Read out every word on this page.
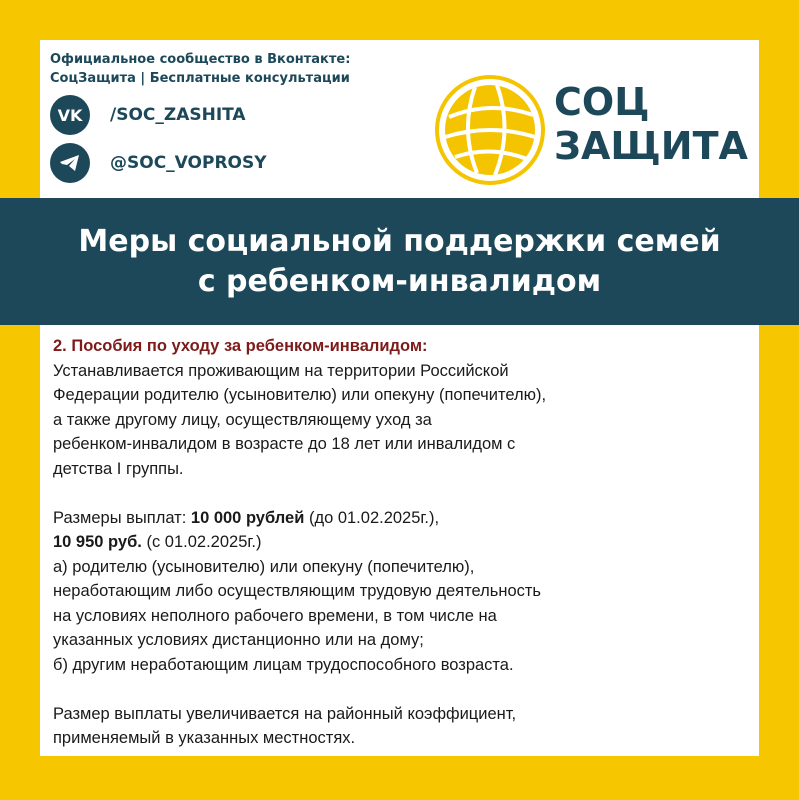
Официальное сообщество в Вконтакте:
СоцЗащита | Бесплатные консультации
VK /SOC_ZASHITA
@SOC_VOPROSY
СОЦ
ЗАЩИТА
Меры социальной поддержки семей
с ребенком-инвалидом

2. Пособия по уходу за ребенком-инвалидом:

Устанавливается проживающим на территории Российской

Федерации родителю (усыновителю) или опекуну (попечителю),

а также другому лицу, осуществляющему уход за

ребенком-инвалидом в возрасте до 18 лет или инвалидом с

детства I группы.

Размеры выплат: 10 000 рублей (до 01.02.2025г.),

10 950 руб. (с 01.02.2025г.)

а) родителю (усыновителю) или опекуну (попечителю),

неработающим либо осуществляющим трудовую деятельность

на условиях неполного рабочего времени, в том числе на

указанных условиях дистанционно или на дому;

б) другим неработающим лицам трудоспособного возраста.

Размер выплаты увеличивается на районный коэффициент,

применяемый в указанных местностях.
